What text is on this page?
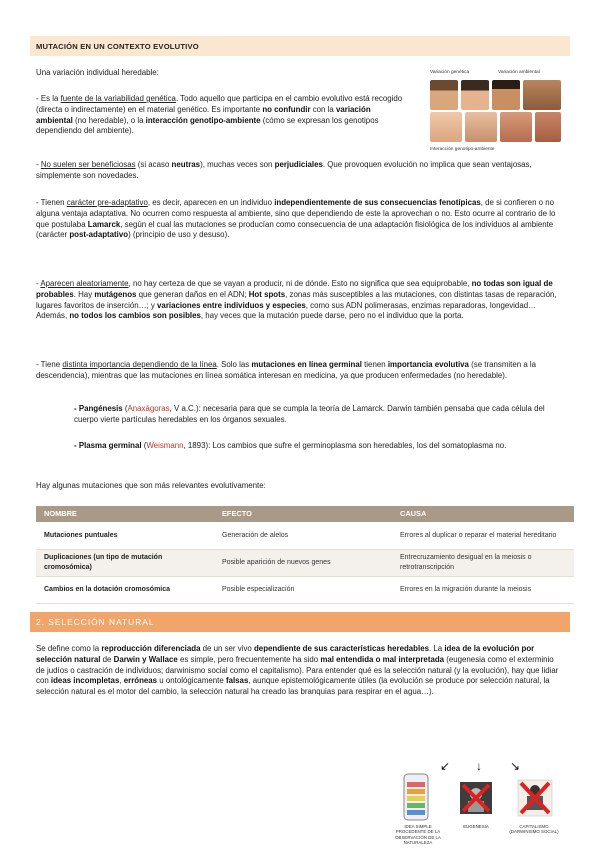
MUTACIÓN EN UN CONTEXTO EVOLUTIVO
Una variación individual heredable:
- Es la fuente de la variabilidad genética. Todo aquello que participa en el cambio evolutivo está recogido (directa o indirectamente) en el material genético. Es importante no confundir con la variación ambiental (no heredable), o la interacción genotipo-ambiente (cómo se expresan los genotipos dependiendo del ambiente).
Variación genética	Variación ambiental
Interacción genotipo-ambiente
- No suelen ser beneficiosas (si acaso neutras), muchas veces son perjudiciales. Que provoquen evolución no implica que sean ventajosas, simplemente son novedades.
- Tienen carácter pre-adaptativo, es decir, aparecen en un individuo independientemente de sus consecuencias fenotípicas, de si confieren o no alguna ventaja adaptativa. No ocurren como respuesta al ambiente, sino que dependiendo de este la aprovechan o no. Esto ocurre al contrario de lo que postulaba Lamarck, según el cual las mutaciones se producían como consecuencia de una adaptación fisiológica de los individuos al ambiente (carácter post-adaptativo) (principio de uso y desuso).
- Aparecen aleatoriamente, no hay certeza de que se vayan a producir, ni de dónde. Esto no significa que sea equiprobable, no todas son igual de probables. Hay mutágenos que generan daños en el ADN; Hot spots, zonas más susceptibles a las mutaciones, con distintas tasas de reparación, lugares favoritos de inserción…; y variaciones entre individuos y especies, como sus ADN polimerasas, enzimas reparadoras, longevidad… Además, no todos los cambios son posibles, hay veces que la mutación puede darse, pero no el individuo que la porta.
- Tiene distinta importancia dependiendo de la línea. Solo las mutaciones en línea germinal tienen importancia evolutiva (se transmiten a la descendencia), mientras que las mutaciones en línea somática interesan en medicina, ya que producen enfermedades (no heredable).
- Pangénesis (Anaxágoras, V a.C.): necesaria para que se cumpla la teoría de Lamarck. Darwin también pensaba que cada célula del cuerpo vierte partículas heredables en los órganos sexuales.
- Plasma germinal (Weismann, 1893): Los cambios que sufre el germinoplasma son heredables, los del somatoplasma no.
Hay algunas mutaciones que son más relevantes evolutivamente:
NOMBRE	EFECTO	CAUSA
Mutaciones puntuales	Generación de alelos	Errores al duplicar o reparar el material hereditario
Duplicaciones (un tipo de mutación cromosómica)	Posible aparición de nuevos genes	Entrecruzamiento desigual en la meiosis o retrotranscripción
Cambios en la dotación cromosómica	Posible especialización	Errores en la migración durante la meiosis
2. SELECCIÓN NATURAL
Se define como la reproducción diferenciada de un ser vivo dependiente de sus características heredables. La idea de la evolución por selección natural de Darwin y Wallace es simple, pero frecuentemente ha sido mal entendida o mal interpretada (eugenesia como el exterminio de judíos o castración de individuos; darwinismo social como el capitalismo). Para entender qué es la selección natural (y la evolución), hay que lidiar con ideas incompletas, erróneas u ontológicamente falsas, aunque epistemológicamente útiles (la evolución se produce por selección natural, la selección natural es el motor del cambio, la selección natural ha creado las branquias para respirar en el agua…).
↙ ↓ ↘
IDEA SIMPLE PROCEDENTE DE LA OBSERVACIÓN DE LA NATURALEZA
EUGENESIA	CAPITALISMO (DARWINISMO SOCIAL)
